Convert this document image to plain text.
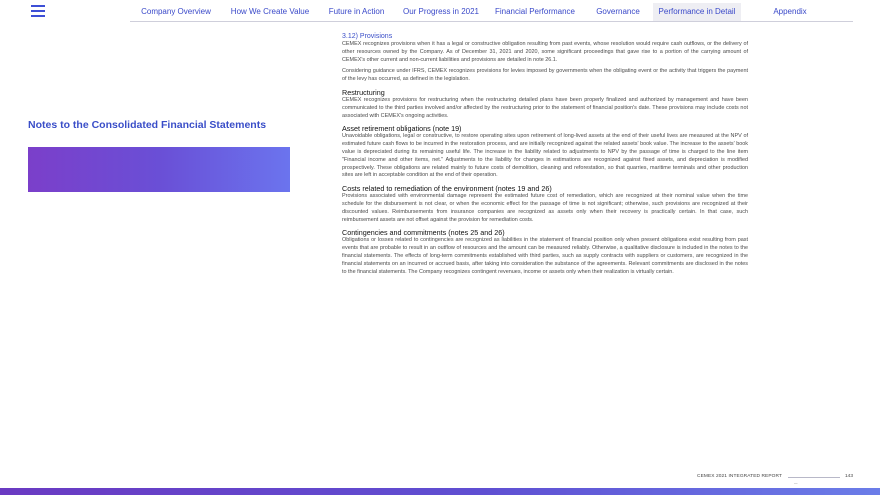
Company Overview	How We Create Value	Future in Action	Our Progress in 2021	Financial Performance	Governance	Performance in Detail	Appendix
Notes to the Consolidated Financial Statements
3.12) Provisions

CEMEX recognizes provisions when it has a legal or constructive obligation resulting from past events, whose resolution would require cash outflows, or the delivery of other resources owned by the Company. As of December 31, 2021 and 2020, some significant proceedings that gave rise to a portion of the carrying amount of CEMEX's other current and non-current liabilities and provisions are detailed in note 26.1.

Considering guidance under IFRS, CEMEX recognizes provisions for levies imposed by governments when the obligating event or the activity that triggers the payment of the levy has occurred, as defined in the legislation.

Restructuring

CEMEX recognizes provisions for restructuring when the restructuring detailed plans have been properly finalized and authorized by management and have been communicated to the third parties involved and/or affected by the restructuring prior to the statement of financial position's date. These provisions may include costs not associated with CEMEX's ongoing activities.

Asset retirement obligations (note 19)

Unavoidable obligations, legal or constructive, to restore operating sites upon retirement of long-lived assets at the end of their useful lives are measured at the NPV of estimated future cash flows to be incurred in the restoration process, and are initially recognized against the related assets' book value. The increase to the assets' book value is depreciated during its remaining useful life. The increase in the liability related to adjustments to NPV by the passage of time is charged to the line item "Financial income and other items, net." Adjustments to the liability for changes in estimations are recognized against fixed assets, and depreciation is modified prospectively. These obligations are related mainly to future costs of demolition, cleaning and reforestation, so that quarries, maritime terminals and other production sites are left in acceptable condition at the end of their operation.

Costs related to remediation of the environment (notes 19 and 26)

Provisions associated with environmental damage represent the estimated future cost of remediation, which are recognized at their nominal value when the time schedule for the disbursement is not clear, or when the economic effect for the passage of time is not significant; otherwise, such provisions are recognized at their discounted values. Reimbursements from insurance companies are recognized as assets only when their recovery is practically certain. In that case, such reimbursement assets are not offset against the provision for remediation costs.

Contingencies and commitments (notes 25 and 26)

Obligations or losses related to contingencies are recognized as liabilities in the statement of financial position only when present obligations exist resulting from past events that are probable to result in an outflow of resources and the amount can be measured reliably. Otherwise, a qualitative disclosure is included in the notes to the financial statements. The effects of long-term commitments established with third parties, such as supply contracts with suppliers or customers, are recognized in the financial statements on an incurred or accrued basis, after taking into consideration the substance of the agreements. Relevant commitments are disclosed in the notes to the financial statements. The Company recognizes contingent revenues, income or assets only when their realization is virtually certain.

CEMEX 2021 INTEGRATED REPORT
—
143
